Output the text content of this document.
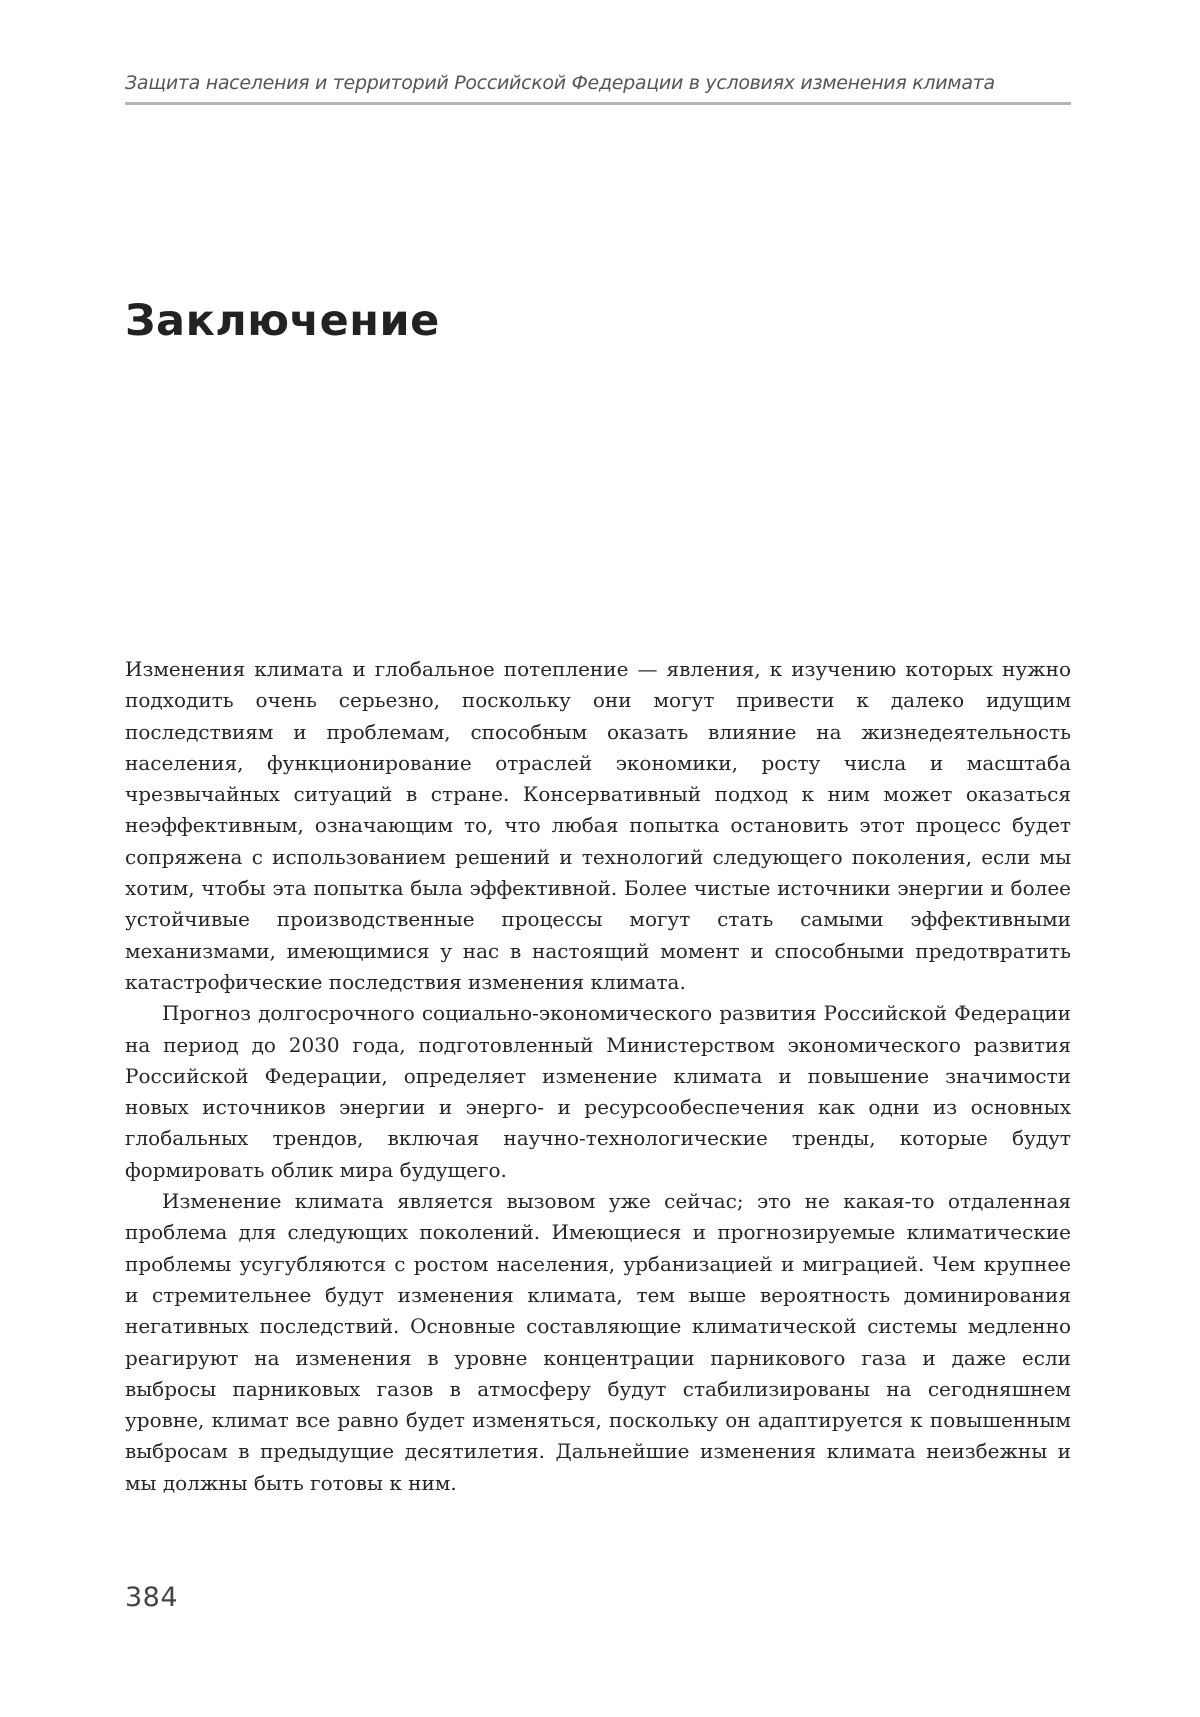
Защита населения и территорий Российской Федерации в условиях изменения климата
Заключение

Изменения климата и глобальное потепление — явления, к изучению которых нужно подходить очень серьезно, поскольку они могут привести к далеко идущим последствиям и проблемам, способным оказать влияние на жизнедеятельность населения, функционирование отраслей экономики, росту числа и масштаба чрезвычайных ситуаций в стране. Консервативный подход к ним может оказаться неэффективным, означающим то, что любая попытка остановить этот процесс будет сопряжена с использованием решений и технологий следующего поколения, если мы хотим, чтобы эта попытка была эффективной. Более чистые источники энергии и более устойчивые производственные процессы могут стать самыми эффективными механизмами, имеющимися у нас в настоящий момент и способными предотвратить катастрофические последствия изменения климата.

Прогноз долгосрочного социально-экономического развития Российской Федерации на период до 2030 года, подготовленный Министерством экономического развития Российской Федерации, определяет изменение климата и повышение значимости новых источников энергии и энерго- и ресурсообеспечения как одни из основных глобальных трендов, включая научно-технологические тренды, которые будут формировать облик мира будущего.

Изменение климата является вызовом уже сейчас; это не какая-то отдаленная проблема для следующих поколений. Имеющиеся и прогнозируемые климатические проблемы усугубляются с ростом населения, урбанизацией и миграцией. Чем крупнее и стремительнее будут изменения климата, тем выше вероятность доминирования негативных последствий. Основные составляющие климатической системы медленно реагируют на изменения в уровне концентрации парникового газа и даже если выбросы парниковых газов в атмосферу будут стабилизированы на сегодняшнем уровне, климат все равно будет изменяться, поскольку он адаптируется к повышенным выбросам в предыдущие десятилетия. Дальнейшие изменения климата неизбежны и мы должны быть готовы к ним.

384
